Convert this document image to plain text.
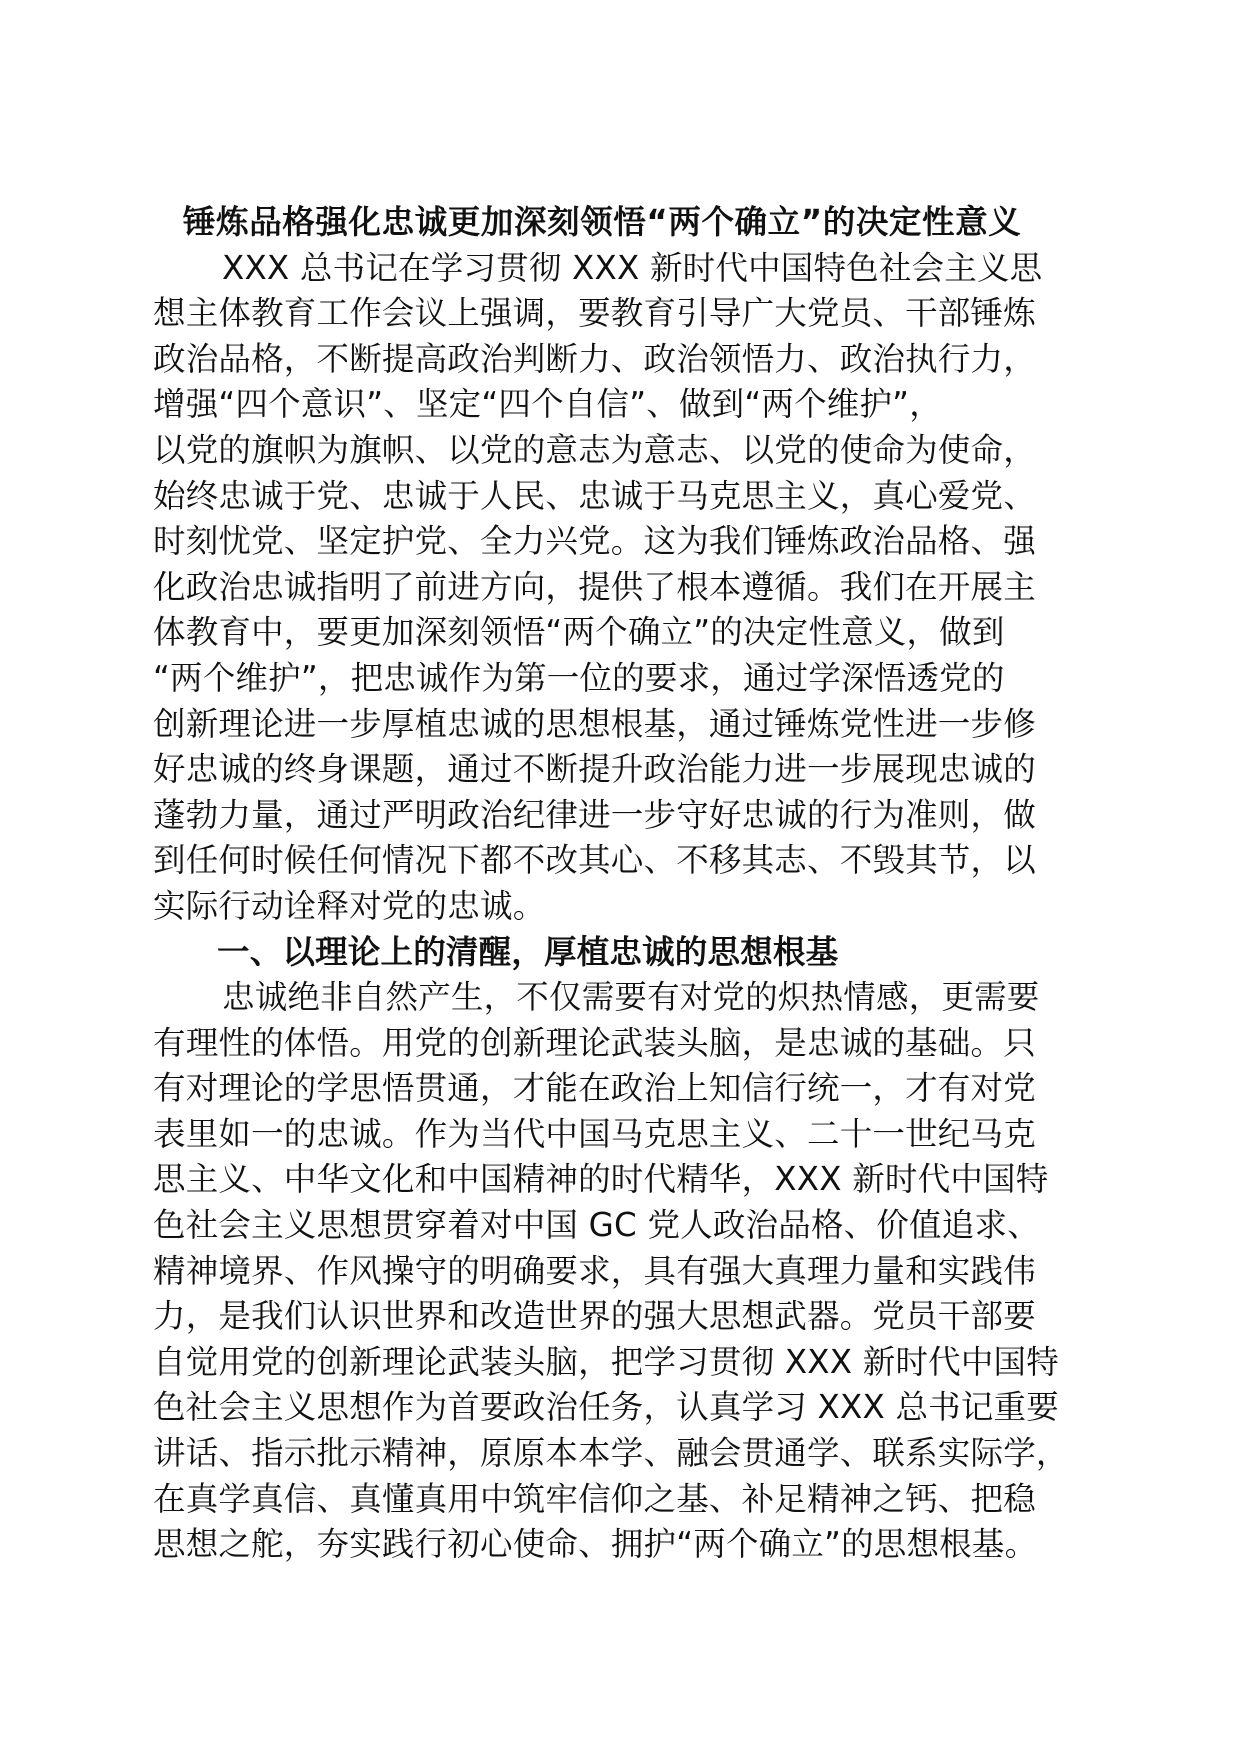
锤炼品格强化忠诚更加深刻领悟“两个确立”的决定性意义
XXX 总书记在学习贯彻 XXX 新时代中国特色社会主义思
想主体教育工作会议上强调，要教育引导广大党员、干部锤炼
政治品格，不断提高政治判断力、政治领悟力、政治执行力，
增强“四个意识”、坚定“四个自信”、做到“两个维护”，
以党的旗帜为旗帜、以党的意志为意志、以党的使命为使命，
始终忠诚于党、忠诚于人民、忠诚于马克思主义，真心爱党、
时刻忧党、坚定护党、全力兴党。这为我们锤炼政治品格、强
化政治忠诚指明了前进方向，提供了根本遵循。我们在开展主
体教育中，要更加深刻领悟“两个确立”的决定性意义，做到
“两个维护”，把忠诚作为第一位的要求，通过学深悟透党的
创新理论进一步厚植忠诚的思想根基，通过锤炼党性进一步修
好忠诚的终身课题，通过不断提升政治能力进一步展现忠诚的
蓬勃力量，通过严明政治纪律进一步守好忠诚的行为准则，做
到任何时候任何情况下都不改其心、不移其志、不毁其节，以
实际行动诠释对党的忠诚。
一、以理论上的清醒，厚植忠诚的思想根基
忠诚绝非自然产生，不仅需要有对党的炽热情感，更需要
有理性的体悟。用党的创新理论武装头脑，是忠诚的基础。只
有对理论的学思悟贯通，才能在政治上知信行统一，才有对党
表里如一的忠诚。作为当代中国马克思主义、二十一世纪马克
思主义、中华文化和中国精神的时代精华，XXX 新时代中国特
色社会主义思想贯穿着对中国 GC 党人政治品格、价值追求、
精神境界、作风操守的明确要求，具有强大真理力量和实践伟
力，是我们认识世界和改造世界的强大思想武器。党员干部要
自觉用党的创新理论武装头脑，把学习贯彻 XXX 新时代中国特
色社会主义思想作为首要政治任务，认真学习 XXX 总书记重要
讲话、指示批示精神，原原本本学、融会贯通学、联系实际学，
在真学真信、真懂真用中筑牢信仰之基、补足精神之钙、把稳
思想之舵，夯实践行初心使命、拥护“两个确立”的思想根基。
